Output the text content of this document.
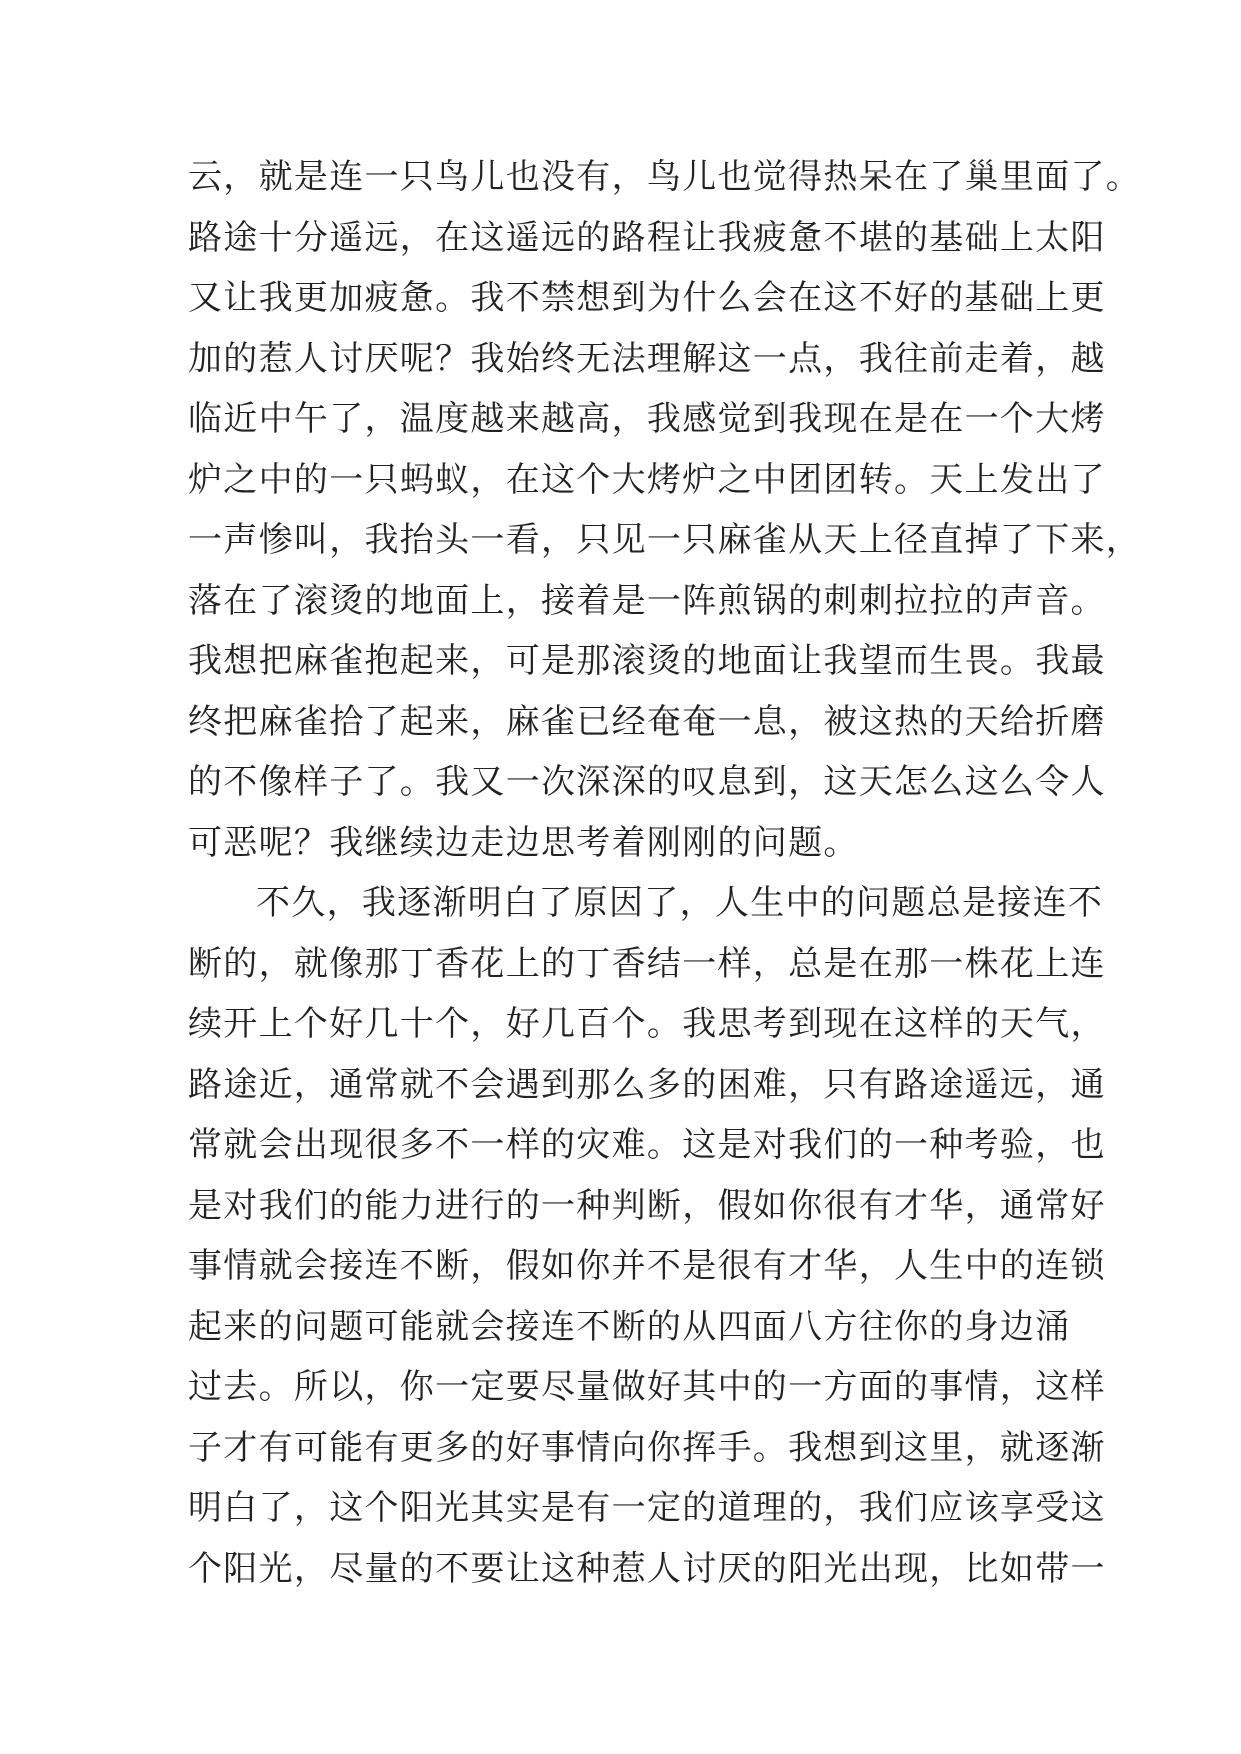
云，就是连一只鸟儿也没有，鸟儿也觉得热呆在了巢里面了。
路途十分遥远，在这遥远的路程让我疲惫不堪的基础上太阳
又让我更加疲惫。我不禁想到为什么会在这不好的基础上更
加的惹人讨厌呢？我始终无法理解这一点，我往前走着，越
临近中午了，温度越来越高，我感觉到我现在是在一个大烤
炉之中的一只蚂蚁，在这个大烤炉之中团团转。天上发出了
一声惨叫，我抬头一看，只见一只麻雀从天上径直掉了下来，
落在了滚烫的地面上，接着是一阵煎锅的刺刺拉拉的声音。
我想把麻雀抱起来，可是那滚烫的地面让我望而生畏。我最
终把麻雀拾了起来，麻雀已经奄奄一息，被这热的天给折磨
的不像样子了。我又一次深深的叹息到，这天怎么这么令人
可恶呢？我继续边走边思考着刚刚的问题。
不久，我逐渐明白了原因了，人生中的问题总是接连不
断的，就像那丁香花上的丁香结一样，总是在那一株花上连
续开上个好几十个，好几百个。我思考到现在这样的天气，
路途近，通常就不会遇到那么多的困难，只有路途遥远，通
常就会出现很多不一样的灾难。这是对我们的一种考验，也
是对我们的能力进行的一种判断，假如你很有才华，通常好
事情就会接连不断，假如你并不是很有才华，人生中的连锁
起来的问题可能就会接连不断的从四面八方往你的身边涌
过去。所以，你一定要尽量做好其中的一方面的事情，这样
子才有可能有更多的好事情向你挥手。我想到这里，就逐渐
明白了，这个阳光其实是有一定的道理的，我们应该享受这
个阳光，尽量的不要让这种惹人讨厌的阳光出现，比如带一
